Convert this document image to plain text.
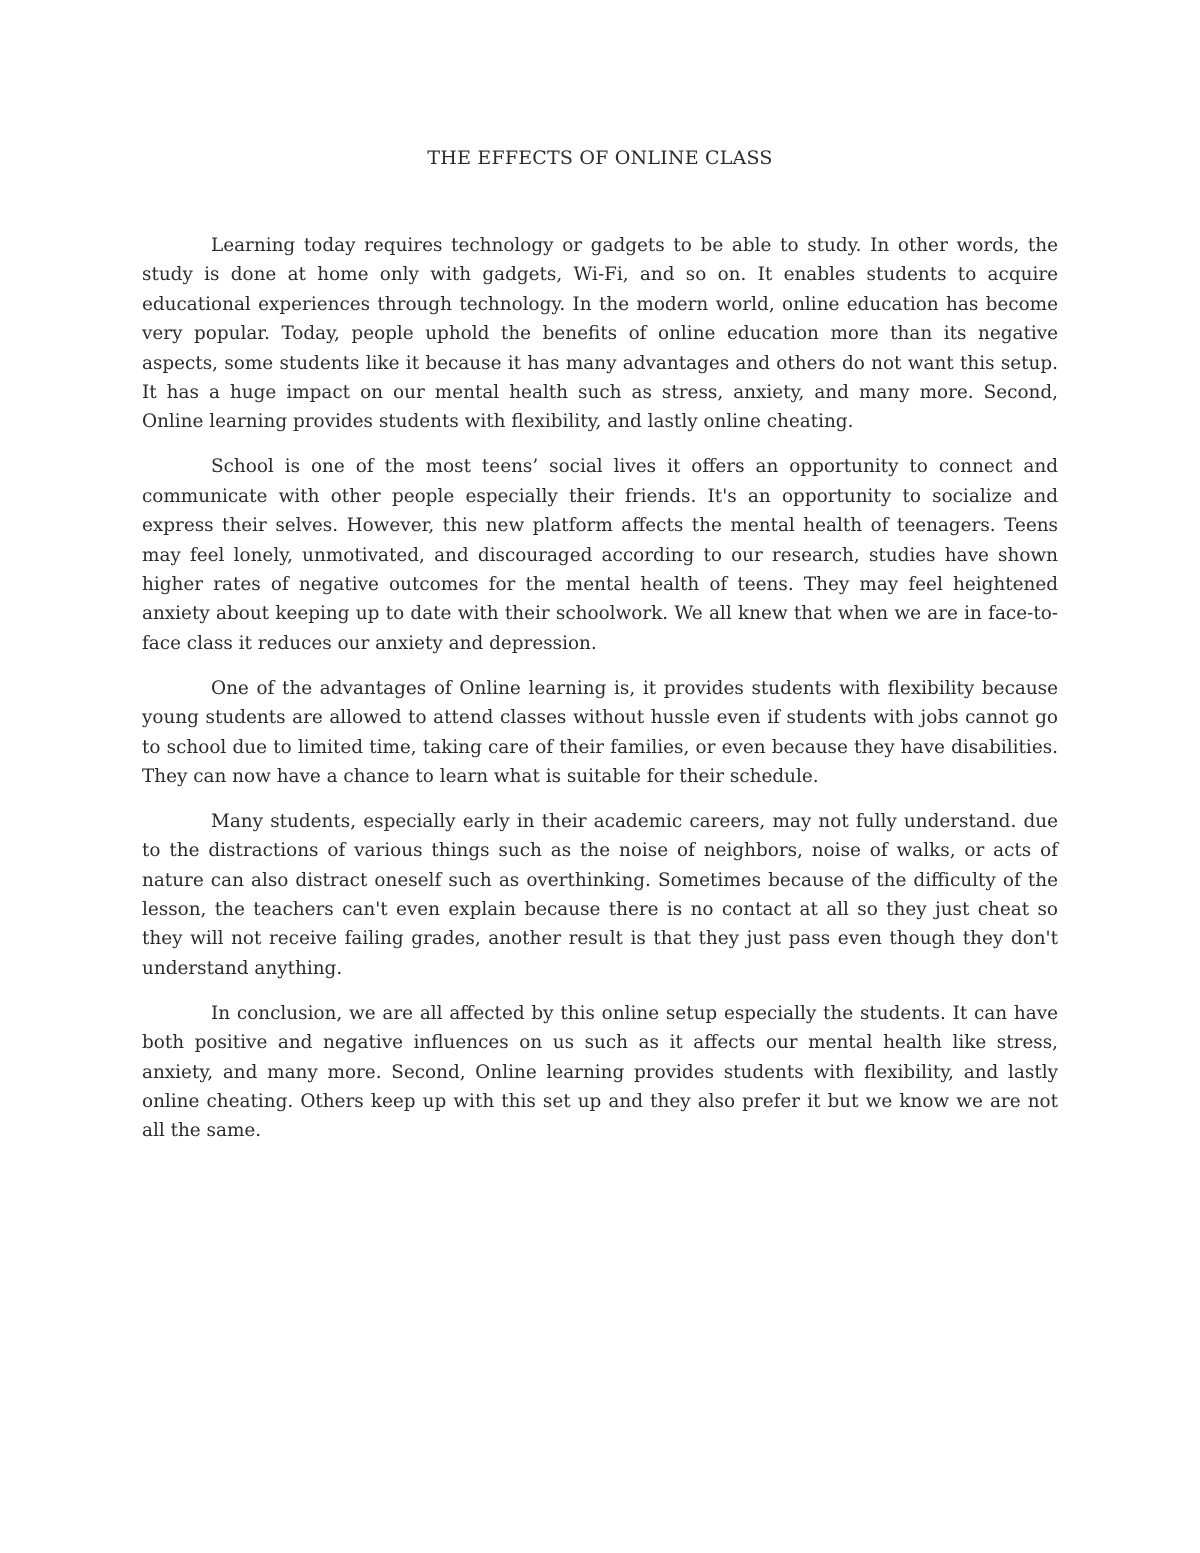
THE EFFECTS OF ONLINE CLASS

Learning today requires technology or gadgets to be able to study. In other words, the study is done at home only with gadgets, Wi-Fi, and so on. It enables students to acquire educational experiences through technology. In the modern world, online education has become very popular. Today, people uphold the benefits of online education more than its negative aspects, some students like it because it has many advantages and others do not want this setup. It has a huge impact on our mental health such as stress, anxiety, and many more. Second, Online learning provides students with flexibility, and lastly online cheating.

School is one of the most teens’ social lives it offers an opportunity to connect and communicate with other people especially their friends. It's an opportunity to socialize and express their selves. However, this new platform affects the mental health of teenagers. Teens may feel lonely, unmotivated, and discouraged according to our research, studies have shown higher rates of negative outcomes for the mental health of teens. They may feel heightened anxiety about keeping up to date with their schoolwork. We all knew that when we are in face-to-face class it reduces our anxiety and depression.

One of the advantages of Online learning is, it provides students with flexibility because young students are allowed to attend classes without hussle even if students with jobs cannot go to school due to limited time, taking care of their families, or even because they have disabilities. They can now have a chance to learn what is suitable for their schedule.

Many students, especially early in their academic careers, may not fully understand. due to the distractions of various things such as the noise of neighbors, noise of walks, or acts of nature can also distract oneself such as overthinking. Sometimes because of the difficulty of the lesson, the teachers can't even explain because there is no contact at all so they just cheat so they will not receive failing grades, another result is that they just pass even though they don't understand anything.

In conclusion, we are all affected by this online setup especially the students. It can have both positive and negative influences on us such as it affects our mental health like stress, anxiety, and many more. Second, Online learning provides students with flexibility, and lastly online cheating. Others keep up with this set up and they also prefer it but we know we are not all the same.
